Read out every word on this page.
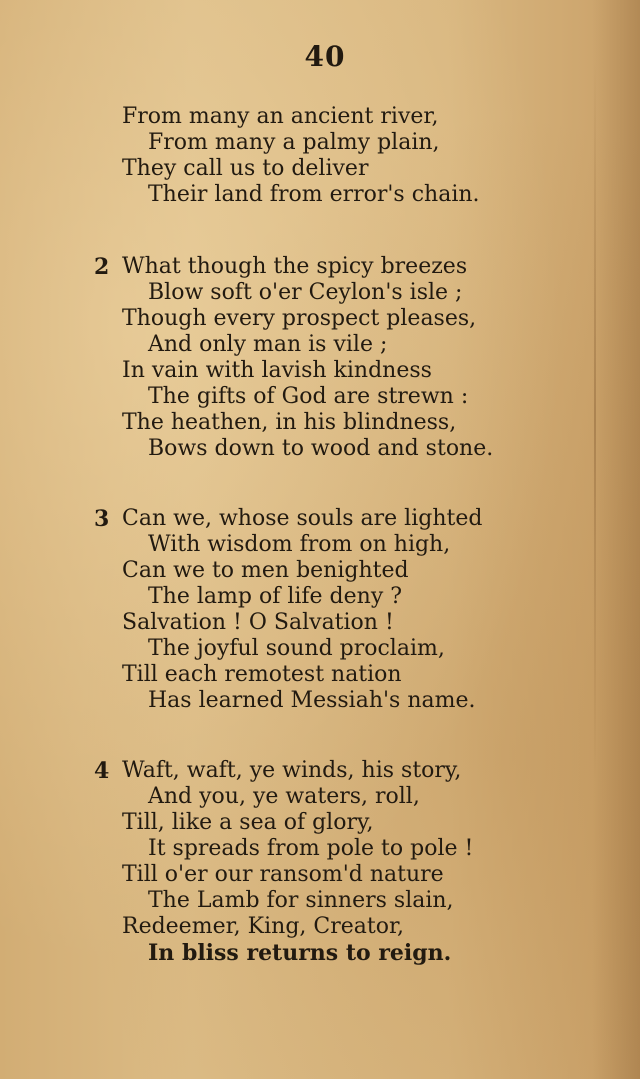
40
From many an ancient river,
From many a palmy plain,
They call us to deliver
Their land from error's chain.
2 What though the spicy breezes
Blow soft o'er Ceylon's isle ;
Though every prospect pleases,
And only man is vile ;
In vain with lavish kindness
The gifts of God are strewn :
The heathen, in his blindness,
Bows down to wood and stone.
3 Can we, whose souls are lighted
With wisdom from on high,
Can we to men benighted
The lamp of life deny ?
Salvation ! O Salvation !
The joyful sound proclaim,
Till each remotest nation
Has learned Messiah's name.
4 Waft, waft, ye winds, his story,
And you, ye waters, roll,
Till, like a sea of glory,
It spreads from pole to pole !
Till o'er our ransom'd nature
The Lamb for sinners slain,
Redeemer, King, Creator,
In bliss returns to reign.
